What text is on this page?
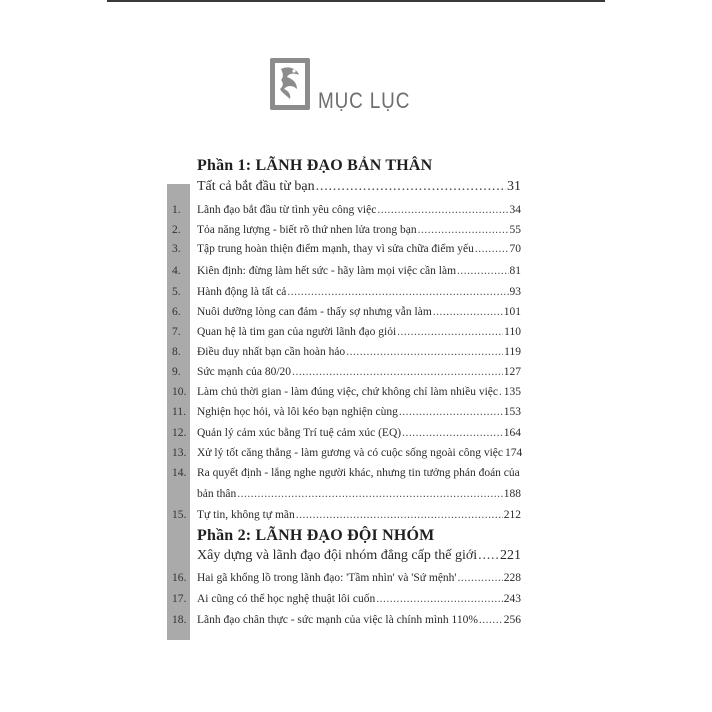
MỤC LỤC
Phần 1: LÃNH ĐẠO BẢN THÂN
Tất cả bắt đầu từ bạn .....	31
1. Lãnh đạo bắt đầu từ tình yêu công việc .....	34
2. Tỏa năng lượng - biết rõ thứ nhen lửa trong bạn .....	55
3. Tập trung hoàn thiện điểm mạnh, thay vì sửa chữa điểm yếu .....	70
4. Kiên định: đừng làm hết sức - hãy làm mọi việc cần làm .....	81
5. Hành động là tất cả .....	93
6. Nuôi dưỡng lòng can đảm - thấy sợ nhưng vẫn làm .....	101
7. Quan hệ là tim gan của người lãnh đạo giỏi .....	110
8. Điều duy nhất bạn cần hoàn hảo .....	119
9. Sức mạnh của 80/20 .....	127
10. Làm chủ thời gian - làm đúng việc, chứ không chỉ làm nhiều việc ..... 135
11. Nghiện học hỏi, và lôi kéo bạn nghiện cùng .....	153
12. Quản lý cảm xúc bằng Trí tuệ cảm xúc (EQ) .....	164
13. Xử lý tốt căng thẳng - làm gương và có cuộc sống ngoài công việc 174
14. Ra quyết định - lắng nghe người khác, nhưng tin tưởng phán đoán của
bản thân .....	188
15. Tự tin, không tự mãn .....	212
Phần 2: LÃNH ĐẠO ĐỘI NHÓM
Xây dựng và lãnh đạo đội nhóm đẳng cấp thế giới ..... 221
16. Hai gã khổng lồ trong lãnh đạo: 'Tầm nhìn' và 'Sứ mệnh' .....	228
17. Ai cũng có thể học nghệ thuật lôi cuốn .....	243
18. Lãnh đạo chân thực - sức mạnh của việc là chính mình 110% ..... 256
